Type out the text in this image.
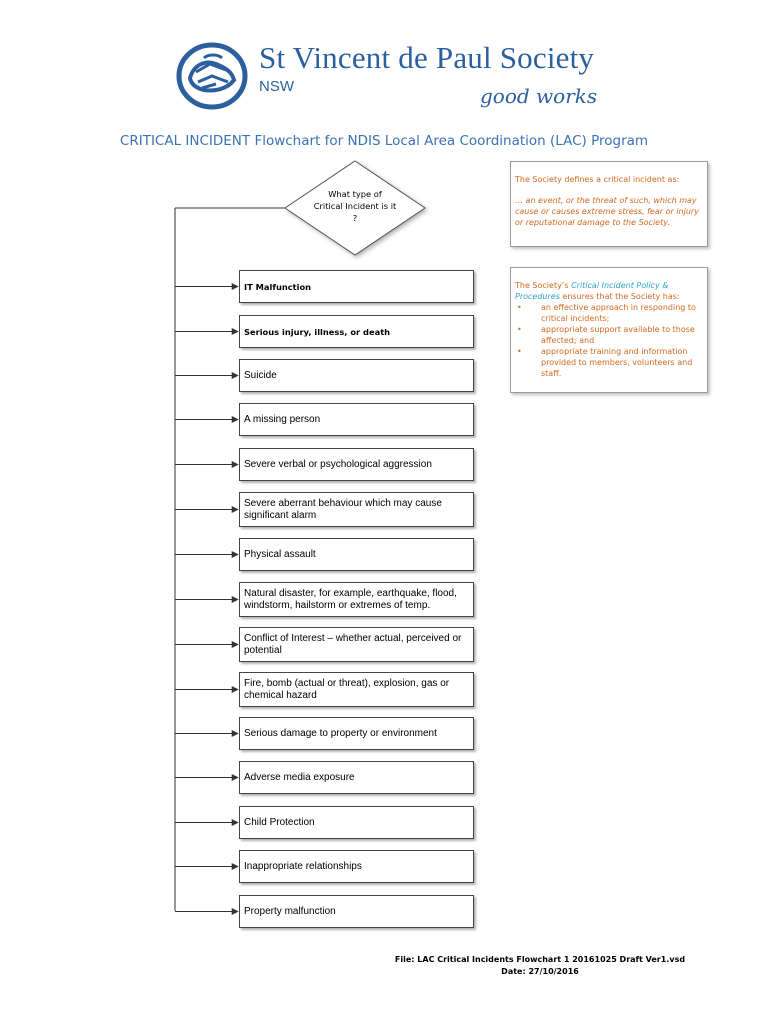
St Vincent de Paul Society
NSW	good works
CRITICAL INCIDENT Flowchart for NDIS Local Area Coordination (LAC) Program
What type of
Critical Incident is it
?
IT Malfunction
Serious injury, illness, or death
Suicide
A missing person
Severe verbal or psychological aggression
Severe aberrant behaviour which may cause significant alarm
Physical assault
Natural disaster, for example, earthquake, flood, windstorm, hailstorm or extremes of temp.
Conflict of Interest – whether actual, perceived or potential
Fire, bomb (actual or threat), explosion, gas or chemical hazard
Serious damage to property or environment
Adverse media exposure
Child Protection
Inappropriate relationships
Property malfunction

The Society defines a critical incident as:

… an event, or the threat of such, which may cause or causes extreme stress, fear or injury or reputational damage to the Society.

The Society’s Critical Incident Policy & Procedures ensures that the Society has:

• an effective approach in responding to critical incidents;
• appropriate support available to those affected; and
• appropriate training and information provided to members, volunteers and staff.
File: LAC Critical Incidents Flowchart 1 20161025 Draft Ver1.vsd
Date: 27/10/2016
